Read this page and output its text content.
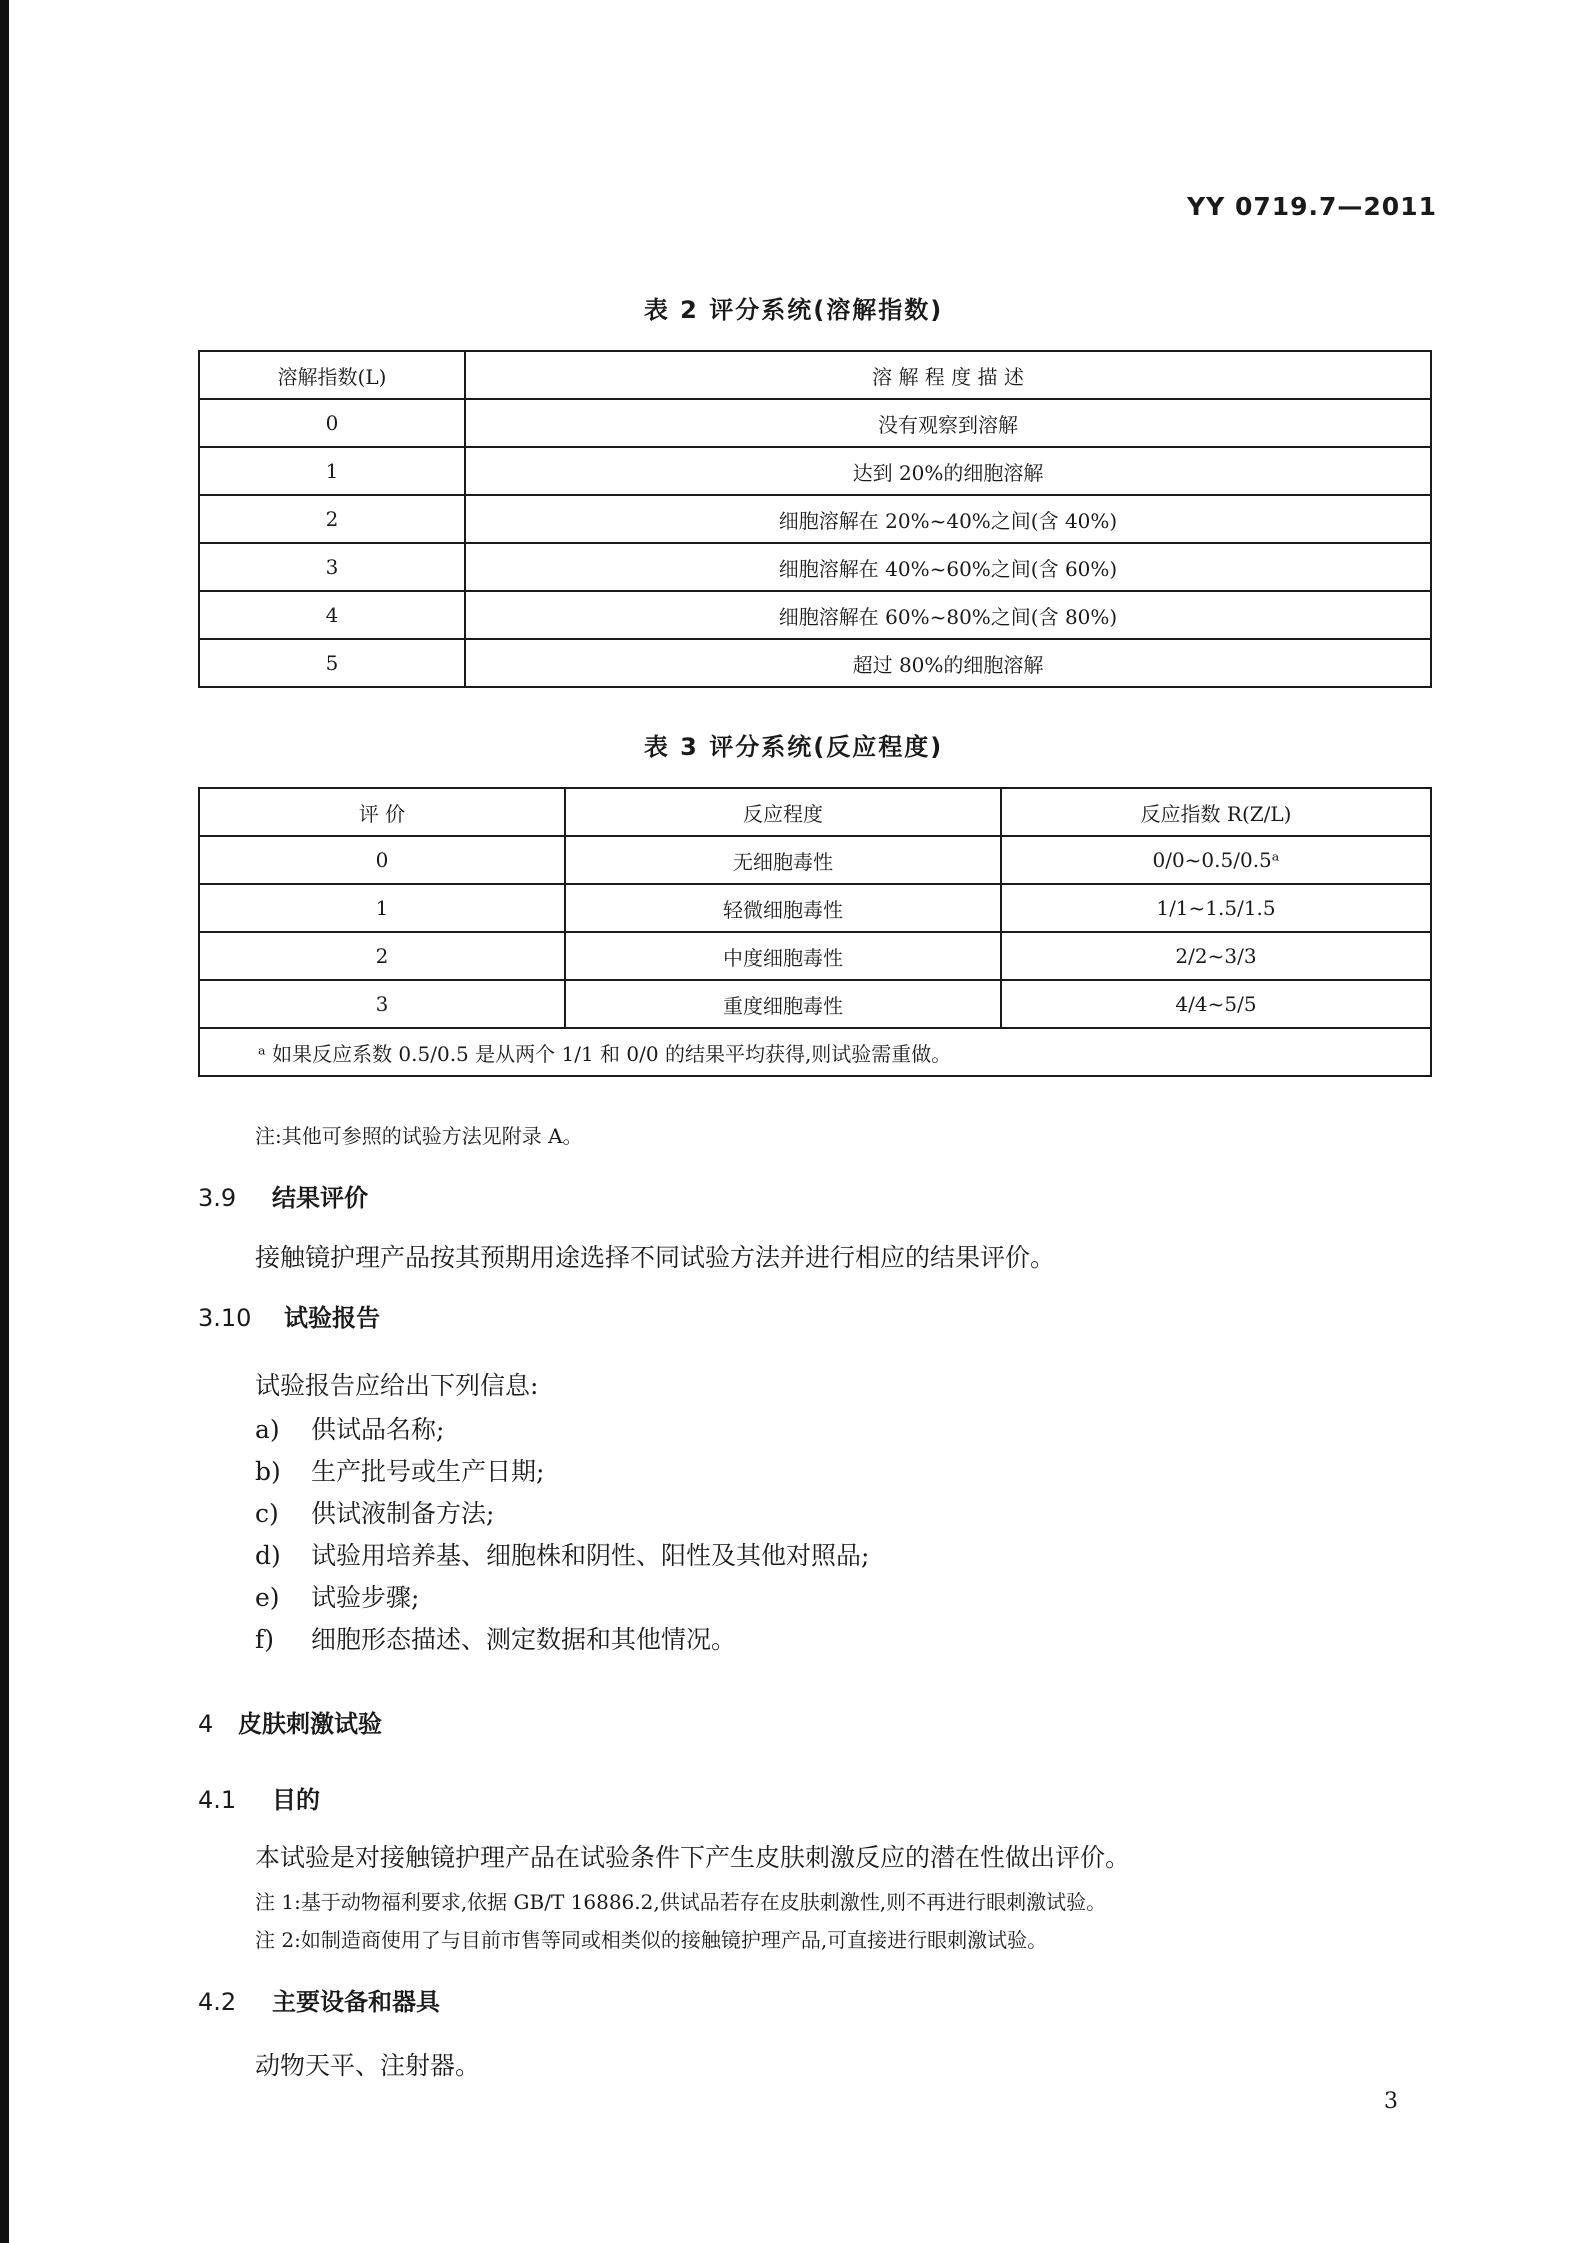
YY 0719.7—2011
表 2 评分系统(溶解指数)
溶解指数(L)	溶 解 程 度 描 述
0	没有观察到溶解
1	达到 20%的细胞溶解
2	细胞溶解在 20%~40%之间(含 40%)
3	细胞溶解在 40%~60%之间(含 60%)
4	细胞溶解在 60%~80%之间(含 80%)
5	超过 80%的细胞溶解
表 3 评分系统(反应程度)
评 价	反应程度	反应指数 R(Z/L)
0	无细胞毒性	0/0~0.5/0.5ᵃ
1	轻微细胞毒性	1/1~1.5/1.5
2	中度细胞毒性	2/2~3/3
3	重度细胞毒性	4/4~5/5
ᵃ 如果反应系数 0.5/0.5 是从两个 1/1 和 0/0 的结果平均获得,则试验需重做。		
注:其他可参照的试验方法见附录 A。
3.9 结果评价
接触镜护理产品按其预期用途选择不同试验方法并进行相应的结果评价。
3.10 试验报告
试验报告应给出下列信息:
a) 供试品名称;
b) 生产批号或生产日期;
c) 供试液制备方法;
d) 试验用培养基、细胞株和阴性、阳性及其他对照品;
e) 试验步骤;
f) 细胞形态描述、测定数据和其他情况。
4 皮肤刺激试验
4.1 目的
本试验是对接触镜护理产品在试验条件下产生皮肤刺激反应的潜在性做出评价。
注 1:基于动物福利要求,依据 GB/T 16886.2,供试品若存在皮肤刺激性,则不再进行眼刺激试验。
注 2:如制造商使用了与目前市售等同或相类似的接触镜护理产品,可直接进行眼刺激试验。
4.2 主要设备和器具
动物天平、注射器。
3
